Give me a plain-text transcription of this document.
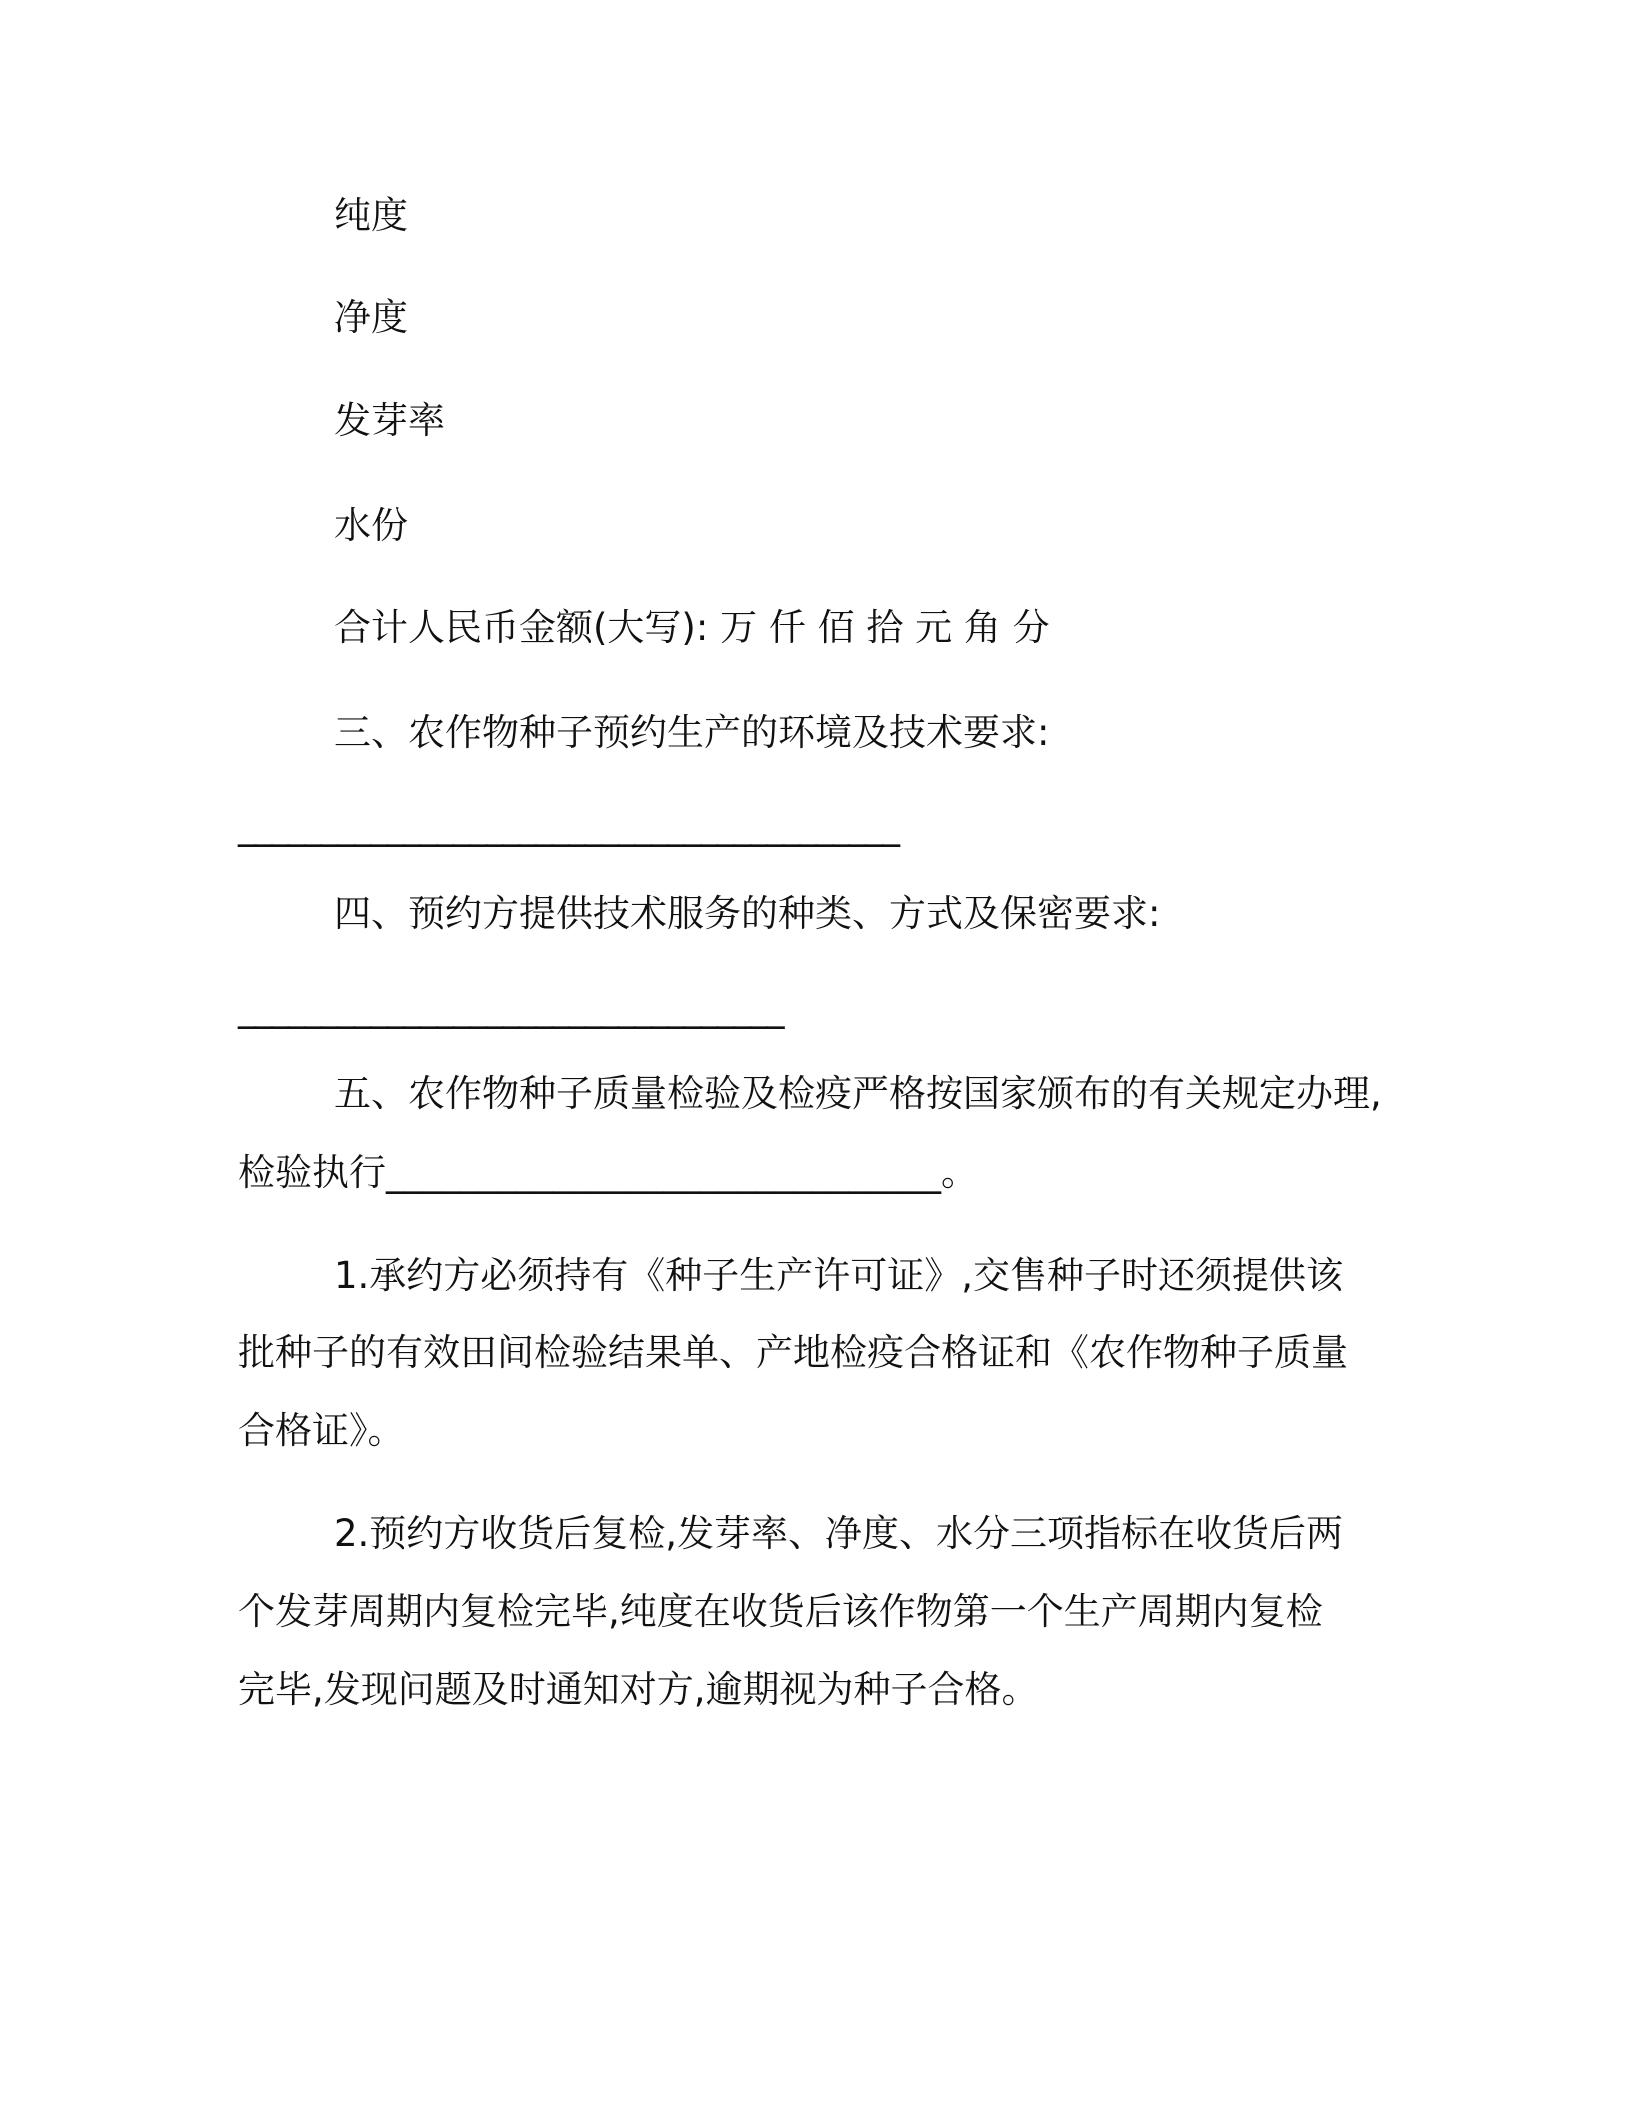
纯度
净度
发芽率
水份
合计人民币金额(大写): 万 仟 佰 拾 元 角 分
三、农作物种子预约生产的环境及技术要求:
________________________________________
四、预约方提供技术服务的种类、方式及保密要求:
_________________________________
五、农作物种子质量检验及检疫严格按国家颁布的有关规定办理,
检验执行______________________________。
1.承约方必须持有《种子生产许可证》,交售种子时还须提供该
批种子的有效田间检验结果单、产地检疫合格证和《农作物种子质量
合格证》。
2.预约方收货后复检,发芽率、净度、水分三项指标在收货后两
个发芽周期内复检完毕,纯度在收货后该作物第一个生产周期内复检
完毕,发现问题及时通知对方,逾期视为种子合格。
